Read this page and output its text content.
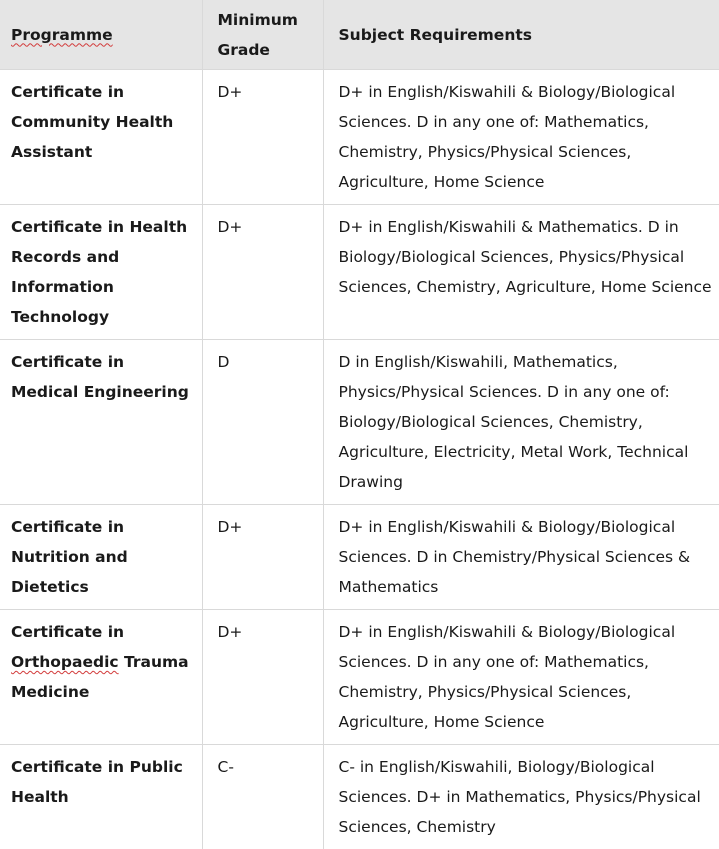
Programme	Minimum Grade	Subject Requirements
Certificate in Community Health Assistant	D+	D+ in English/Kiswahili & Biology/Biological Sciences. D in any one of: Mathematics, Chemistry, Physics/Physical Sciences, Agriculture, Home Science
Certificate in Health Records and Information Technology	D+	D+ in English/Kiswahili & Mathematics. D in Biology/Biological Sciences, Physics/Physical Sciences, Chemistry, Agriculture, Home Science
Certificate in Medical Engineering	D	D in English/Kiswahili, Mathematics, Physics/Physical Sciences. D in any one of: Biology/Biological Sciences, Chemistry, Agriculture, Electricity, Metal Work, Technical Drawing
Certificate in Nutrition and Dietetics	D+	D+ in English/Kiswahili & Biology/Biological Sciences. D in Chemistry/Physical Sciences & Mathematics
Certificate in Orthopaedic Trauma Medicine	D+	D+ in English/Kiswahili & Biology/Biological Sciences. D in any one of: Mathematics, Chemistry, Physics/Physical Sciences, Agriculture, Home Science
Certificate in Public Health	C-	C- in English/Kiswahili, Biology/Biological Sciences. D+ in Mathematics, Physics/Physical Sciences, Chemistry
